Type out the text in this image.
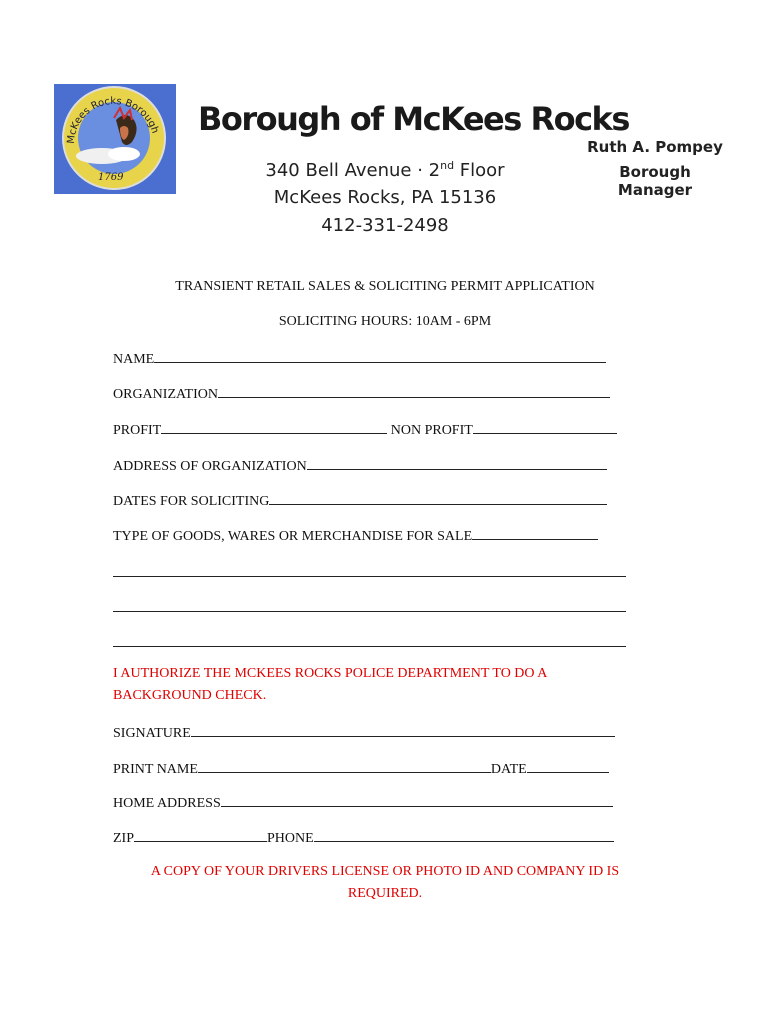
McKees Rocks Borough
1769
Borough of McKees Rocks
340 Bell Avenue · 2nd Floor
McKees Rocks, PA 15136
412-331-2498
Ruth A. Pompey
Borough Manager
TRANSIENT RETAIL SALES & SOLICITING PERMIT APPLICATION
SOLICITING HOURS: 10AM - 6PM
NAME
ORGANIZATION
PROFIT	NON PROFIT
ADDRESS OF ORGANIZATION
DATES FOR SOLICITING
TYPE OF GOODS, WARES OR MERCHANDISE FOR SALE
I AUTHORIZE THE MCKEES ROCKS POLICE DEPARTMENT TO DO A
BACKGROUND CHECK.
SIGNATURE
PRINT NAME	DATE
HOME ADDRESS
ZIP	PHONE
A COPY OF YOUR DRIVERS LICENSE OR PHOTO ID AND COMPANY ID IS
REQUIRED.
